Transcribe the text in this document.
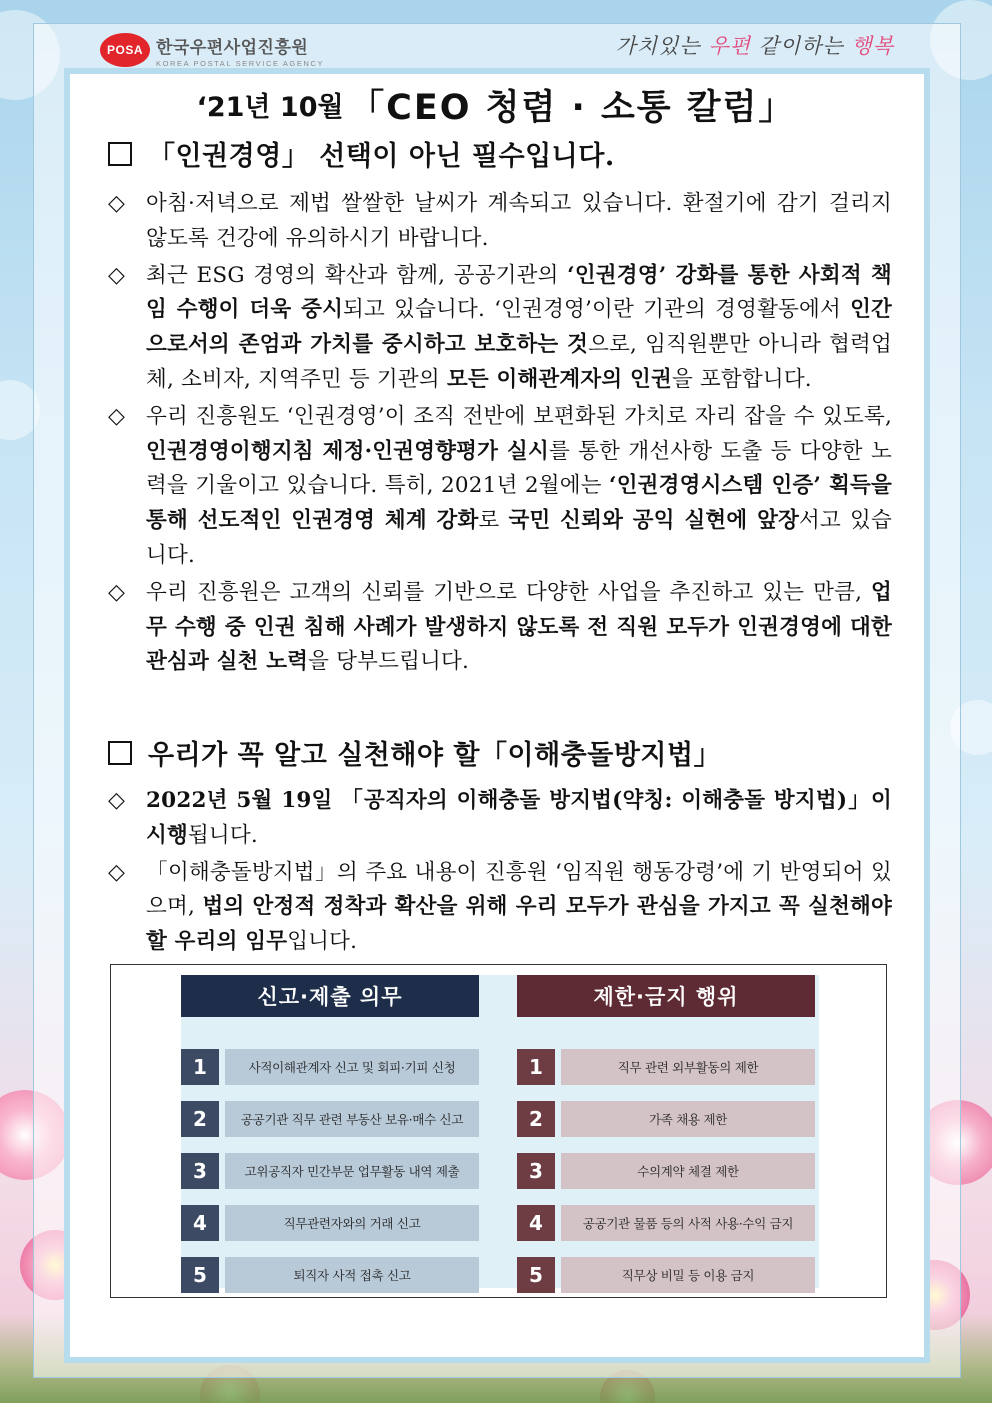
POSA 한국우편사업진흥원
KOREA POSTAL SERVICE AGENCY
가치있는 우편 같이하는 행복
‘21년 10월 「CEO 청렴 · 소통 칼럼」
「인권경영」 선택이 아닌 필수입니다.
◇ 아침·저녁으로 제법 쌀쌀한 날씨가 계속되고 있습니다. 환절기에 감기 걸리지 않도록 건강에 유의하시기 바랍니다.
◇ 최근 ESG 경영의 확산과 함께, 공공기관의 ‘인권경영’ 강화를 통한 사회적 책임 수행이 더욱 중시되고 있습니다. ‘인권경영’이란 기관의 경영활동에서 인간으로서의 존엄과 가치를 중시하고 보호하는 것으로, 임직원뿐만 아니라 협력업체, 소비자, 지역주민 등 기관의 모든 이해관계자의 인권을 포함합니다.
◇ 우리 진흥원도 ‘인권경영’이 조직 전반에 보편화된 가치로 자리 잡을 수 있도록, 인권경영이행지침 제정·인권영향평가 실시를 통한 개선사항 도출 등 다양한 노력을 기울이고 있습니다. 특히, 2021년 2월에는 ‘인권경영시스템 인증’ 획득을 통해 선도적인 인권경영 체계 강화로 국민 신뢰와 공익 실현에 앞장서고 있습니다.
◇ 우리 진흥원은 고객의 신뢰를 기반으로 다양한 사업을 추진하고 있는 만큼, 업무 수행 중 인권 침해 사례가 발생하지 않도록 전 직원 모두가 인권경영에 대한 관심과 실천 노력을 당부드립니다.
우리가 꼭 알고 실천해야 할「이해충돌방지법」
◇ 2022년 5월 19일 「공직자의 이해충돌 방지법(약칭: 이해충돌 방지법)」이 시행됩니다.
◇ 「이해충돌방지법」의 주요 내용이 진흥원 ‘임직원 행동강령’에 기 반영되어 있으며, 법의 안정적 정착과 확산을 위해 우리 모두가 관심을 가지고 꼭 실천해야 할 우리의 임무입니다.
신고·제출 의무
1	사적이해관계자 신고 및 회피·기피 신청
2	공공기관 직무 관련 부동산 보유·매수 신고
3	고위공직자 민간부문 업무활동 내역 제출
4	직무관련자와의 거래 신고
5	퇴직자 사적 접촉 신고
제한·금지 행위
1	직무 관련 외부활동의 제한
2	가족 채용 제한
3	수의계약 체결 제한
4	공공기관 물품 등의 사적 사용·수익 금지
5	직무상 비밀 등 이용 금지
